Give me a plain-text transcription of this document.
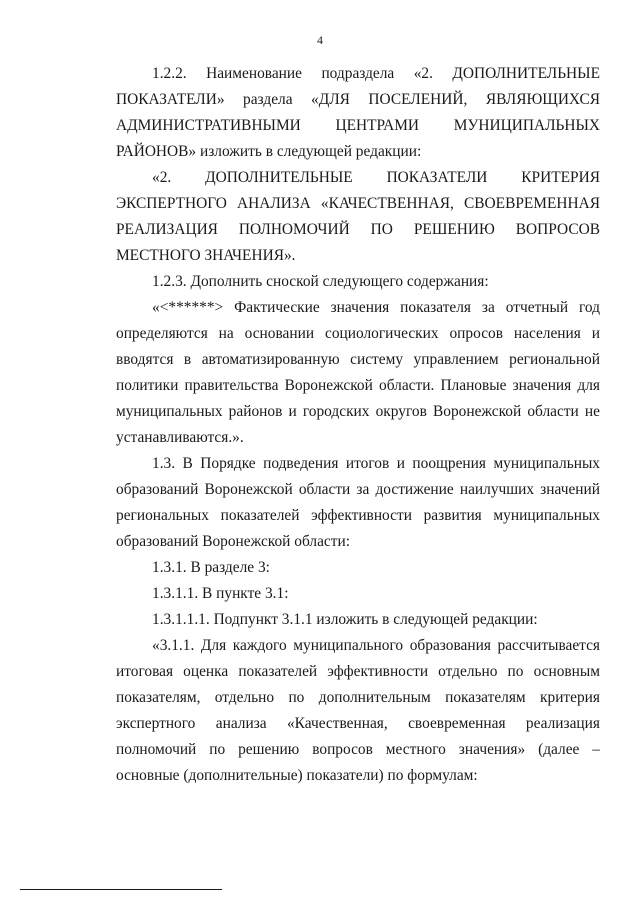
4
1.2.2. Наименование подраздела «2. ДОПОЛНИТЕЛЬНЫЕ
ПОКАЗАТЕЛИ» раздела «ДЛЯ ПОСЕЛЕНИЙ, ЯВЛЯЮЩИХСЯ
АДМИНИСТРАТИВНЫМИ ЦЕНТРАМИ МУНИЦИПАЛЬНЫХ
РАЙОНОВ» изложить в следующей редакции:
«2. ДОПОЛНИТЕЛЬНЫЕ ПОКАЗАТЕЛИ КРИТЕРИЯ
ЭКСПЕРТНОГО АНАЛИЗА «КАЧЕСТВЕННАЯ, СВОЕВРЕМЕННАЯ
РЕАЛИЗАЦИЯ ПОЛНОМОЧИЙ ПО РЕШЕНИЮ ВОПРОСОВ
МЕСТНОГО ЗНАЧЕНИЯ».

1.2.3. Дополнить сноской следующего содержания:

«<******> Фактические значения показателя за отчетный год определяются на основании социологических опросов населения и вводятся в автоматизированную систему управлением региональной политики правительства Воронежской области. Плановые значения для муниципальных районов и городских округов Воронежской области не устанавливаются.».

1.3. В Порядке подведения итогов и поощрения муниципальных образований Воронежской области за достижение наилучших значений региональных показателей эффективности развития муниципальных образований Воронежской области:

1.3.1. В разделе 3:

1.3.1.1. В пункте 3.1:

1.3.1.1.1. Подпункт 3.1.1 изложить в следующей редакции:

«3.1.1. Для каждого муниципального образования рассчитывается итоговая оценка показателей эффективности отдельно по основным показателям, отдельно по дополнительным показателям критерия экспертного анализа «Качественная, своевременная реализация полномочий по решению вопросов местного значения» (далее – основные (дополнительные) показатели) по формулам:
